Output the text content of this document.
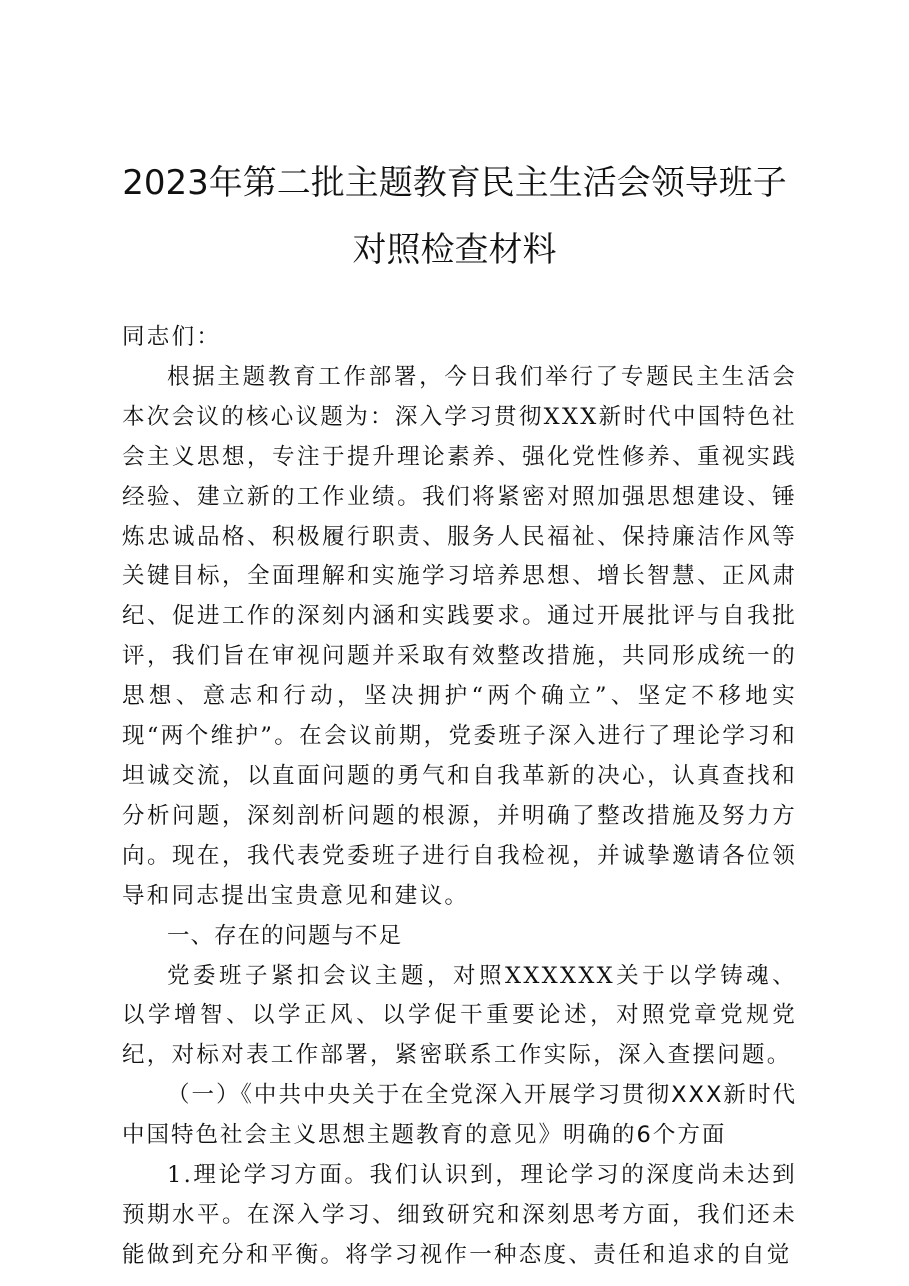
2023年第二批主题教育民主生活会领导班子
对照检查材料

同志们：

根据主题教育工作部署，今日我们举行了专题民主生活会本次会议的核心议题为：深入学习贯彻XXX新时代中国特色社会主义思想，专注于提升理论素养、强化党性修养、重视实践经验、建立新的工作业绩。我们将紧密对照加强思想建设、锤炼忠诚品格、积极履行职责、服务人民福祉、保持廉洁作风等关键目标，全面理解和实施学习培养思想、增长智慧、正风肃纪、促进工作的深刻内涵和实践要求。通过开展批评与自我批评，我们旨在审视问题并采取有效整改措施，共同形成统一的思想、意志和行动，坚决拥护“两个确立”、坚定不移地实现“两个维护”。在会议前期，党委班子深入进行了理论学习和坦诚交流，以直面问题的勇气和自我革新的决心，认真查找和分析问题，深刻剖析问题的根源，并明确了整改措施及努力方向。现在，我代表党委班子进行自我检视，并诚挚邀请各位领导和同志提出宝贵意见和建议。

一、存在的问题与不足

党委班子紧扣会议主题，对照XXXXXX关于以学铸魂、以学增智、以学正风、以学促干重要论述，对照党章党规党纪，对标对表工作部署，紧密联系工作实际，深入查摆问题。

（一）《中共中央关于在全党深入开展学习贯彻XXX新时代中国特色社会主义思想主题教育的意见》明确的6个方面

1.理论学习方面。我们认识到，理论学习的深度尚未达到预期水平。在深入学习、细致研究和深刻思考方面，我们还未能做到充分和平衡。将学习视作一种态度、责任和追求的自觉
